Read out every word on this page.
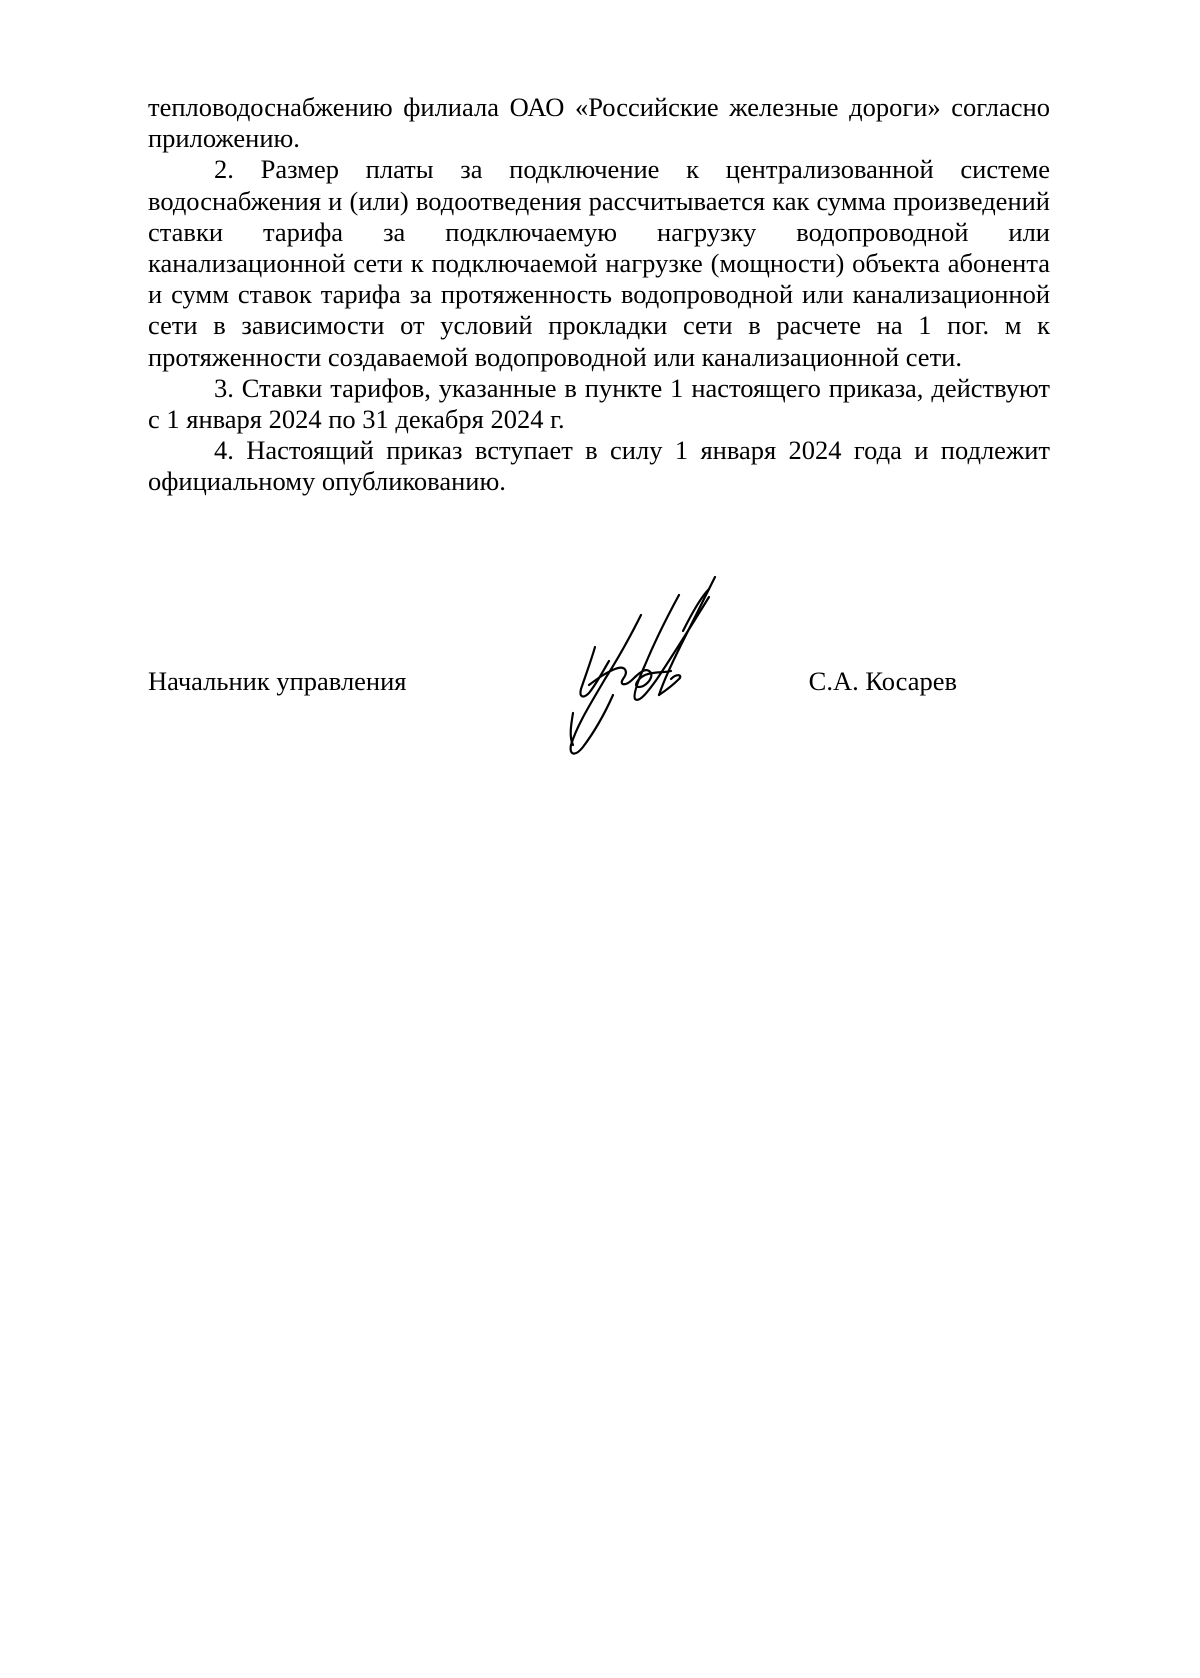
тепловодоснабжению филиала ОАО «Российские железные дороги» согласно приложению.

2. Размер платы за подключение к централизованной системе водоснабжения и (или) водоотведения рассчитывается как сумма произведений ставки тарифа за подключаемую нагрузку водопроводной или канализационной сети к подключаемой нагрузке (мощности) объекта абонента и сумм ставок тарифа за протяженность водопроводной или канализационной сети в зависимости от условий прокладки сети в расчете на 1 пог. м к протяженности создаваемой водопроводной или канализационной сети.

3. Ставки тарифов, указанные в пункте 1 настоящего приказа, действуют с 1 января 2024 по 31 декабря 2024 г.

4. Настоящий приказ вступает в силу 1 января 2024 года и подлежит официальному опубликованию.

Начальник управления	С.А. Косарев
